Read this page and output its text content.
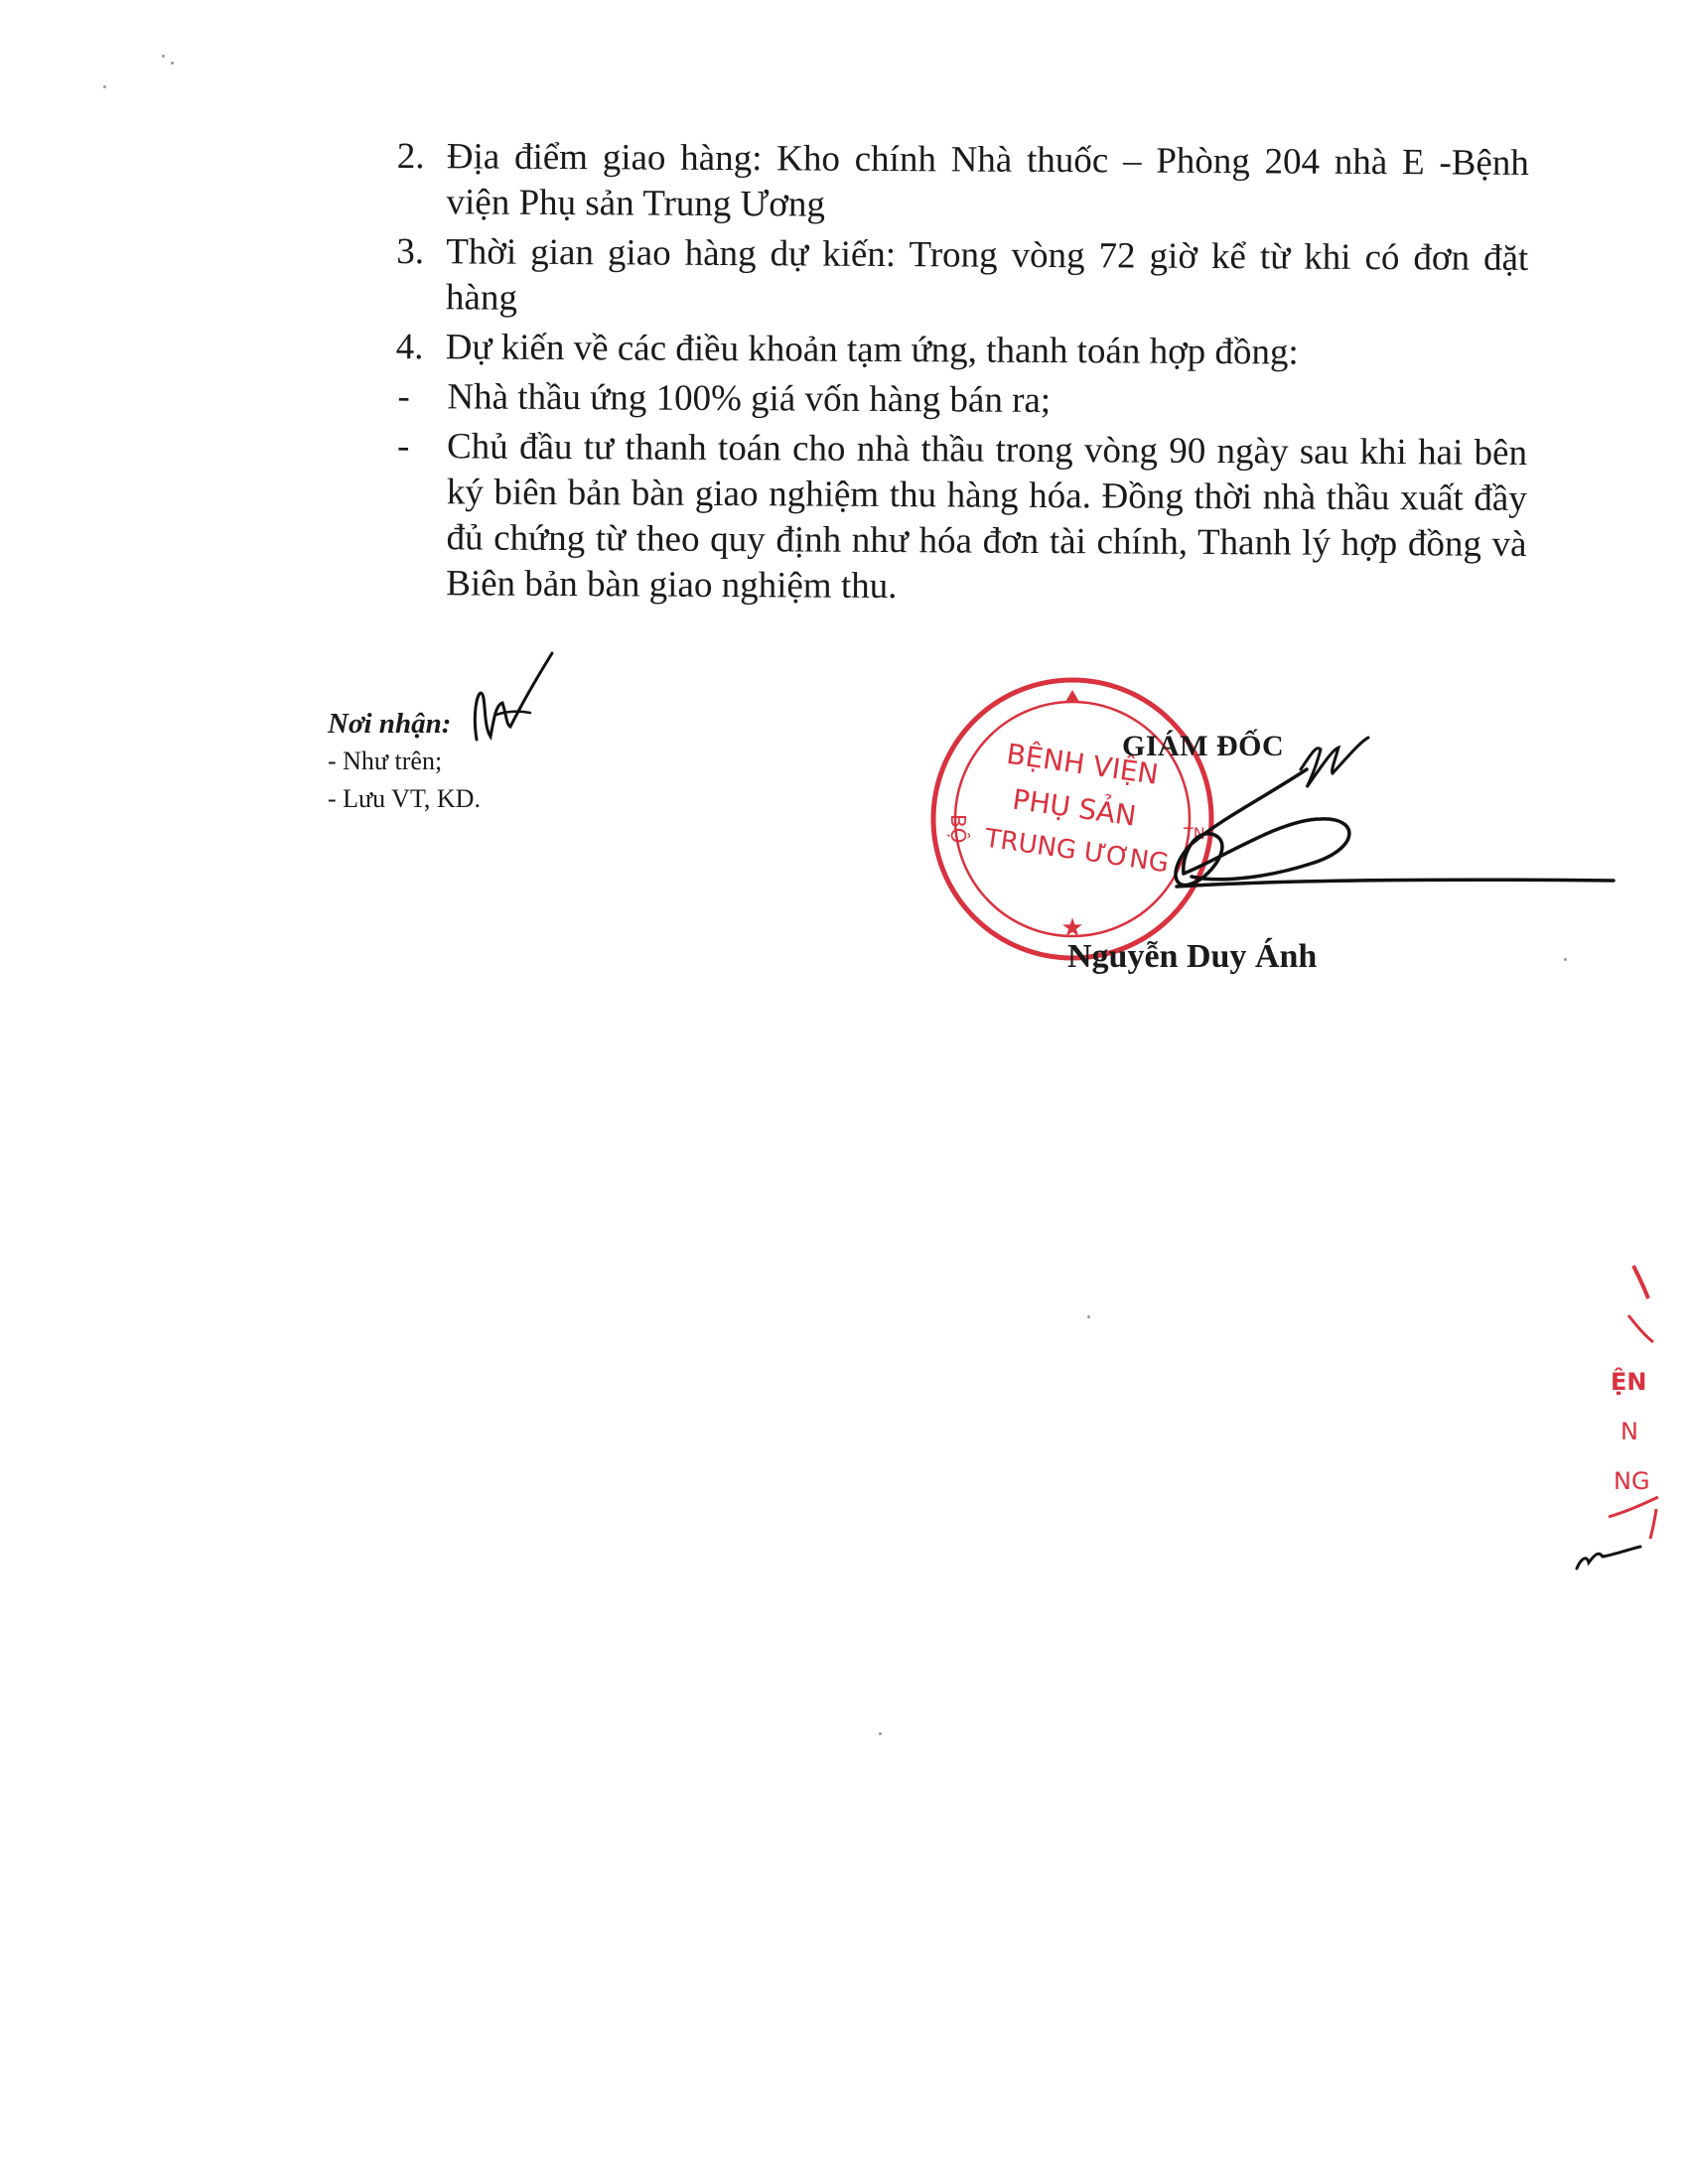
2. Địa điểm giao hàng: Kho chính Nhà thuốc – Phòng 204 nhà E -Bệnh viện Phụ sản Trung Ương
3. Thời gian giao hàng dự kiến: Trong vòng 72 giờ kể từ khi có đơn đặt hàng
4. Dự kiến về các điều khoản tạm ứng, thanh toán hợp đồng:
-	Nhà thầu ứng 100% giá vốn hàng bán ra;
-	Chủ đầu tư thanh toán cho nhà thầu trong vòng 90 ngày sau khi hai bên ký biên bản bàn giao nghiệm thu hàng hóa. Đồng thời nhà thầu xuất đầy đủ chứng từ theo quy định như hóa đơn tài chính, Thanh lý hợp đồng và Biên bản bàn giao nghiệm thu.
Nơi nhận:
- Như trên;
- Lưu VT, KD.
★
BỆNH VIỆN
PHỤ SẢN
TRUNG ƯƠNG
BỘ	TN
GIÁM ĐỐC
Nguyễn Duy Ánh
ỆN
N
NG
